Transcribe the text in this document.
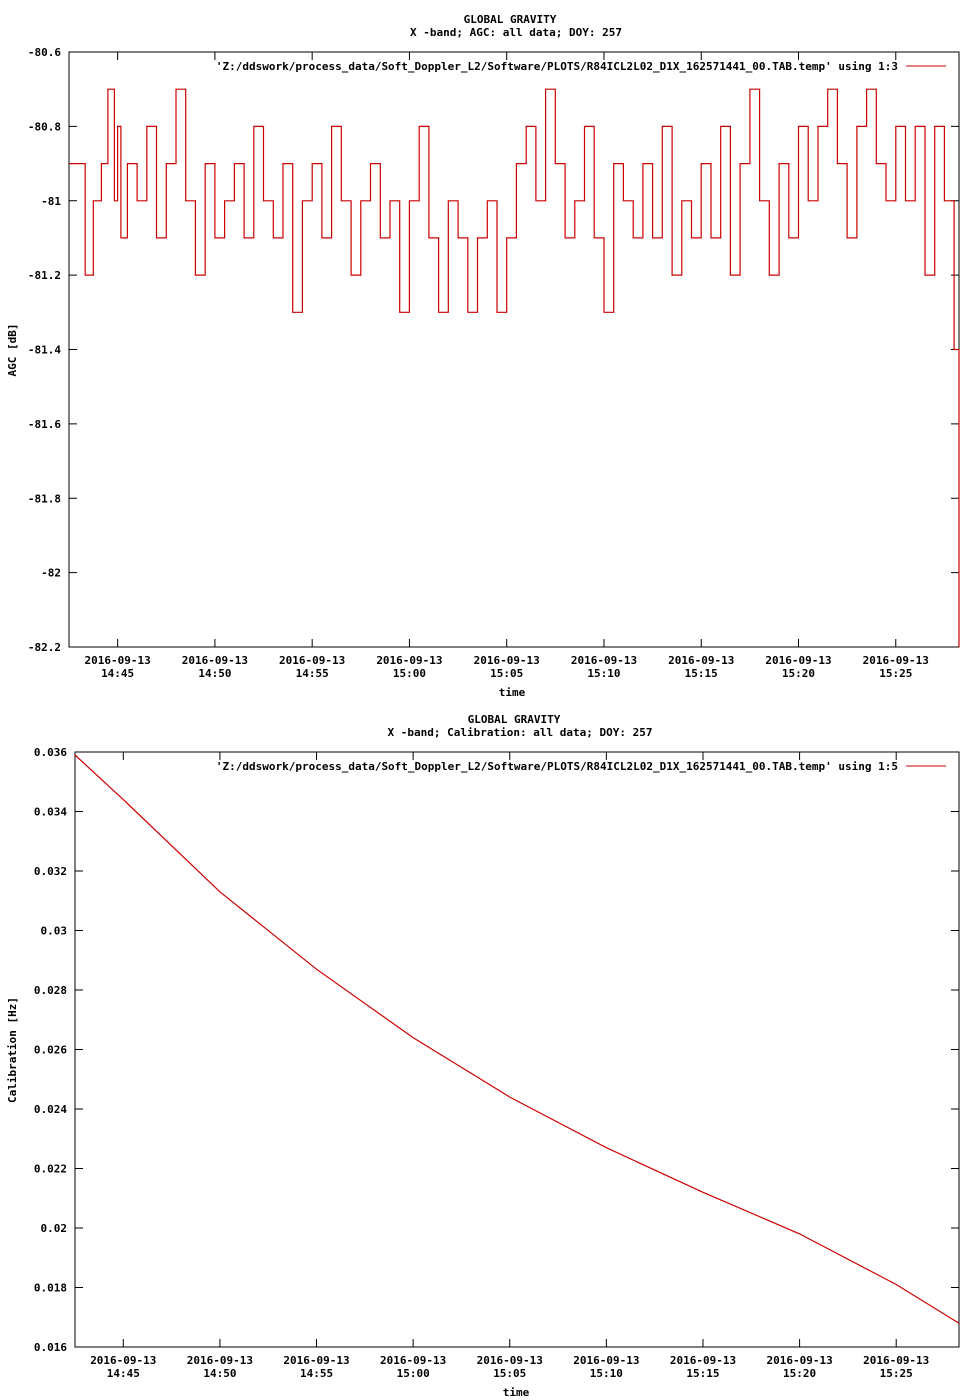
GLOBAL GRAVITY
X -band; AGC: all data; DOY: 257
time
AGC [dB]
'Z:/ddswork/process_data/Soft_Doppler_L2/Software/PLOTS/R84ICL2L02_D1X_162571441_00.TAB.temp' using 1:3
-80.6
-80.8
-81
-81.2
-81.4
-81.6
-81.8
-82
-82.2
2016-09-13
14:45
2016-09-13
14:50
2016-09-13
14:55
2016-09-13
15:00
2016-09-13
15:05
2016-09-13
15:10
2016-09-13
15:15
2016-09-13
15:20
2016-09-13
15:25
GLOBAL GRAVITY
X -band; Calibration: all data; DOY: 257
time
Calibration [Hz]
'Z:/ddswork/process_data/Soft_Doppler_L2/Software/PLOTS/R84ICL2L02_D1X_162571441_00.TAB.temp' using 1:5
0.036
0.034
0.032
0.03
0.028
0.026
0.024
0.022
0.02
0.018
0.016
2016-09-13
14:45
2016-09-13
14:50
2016-09-13
14:55
2016-09-13
15:00
2016-09-13
15:05
2016-09-13
15:10
2016-09-13
15:15
2016-09-13
15:20
2016-09-13
15:25
